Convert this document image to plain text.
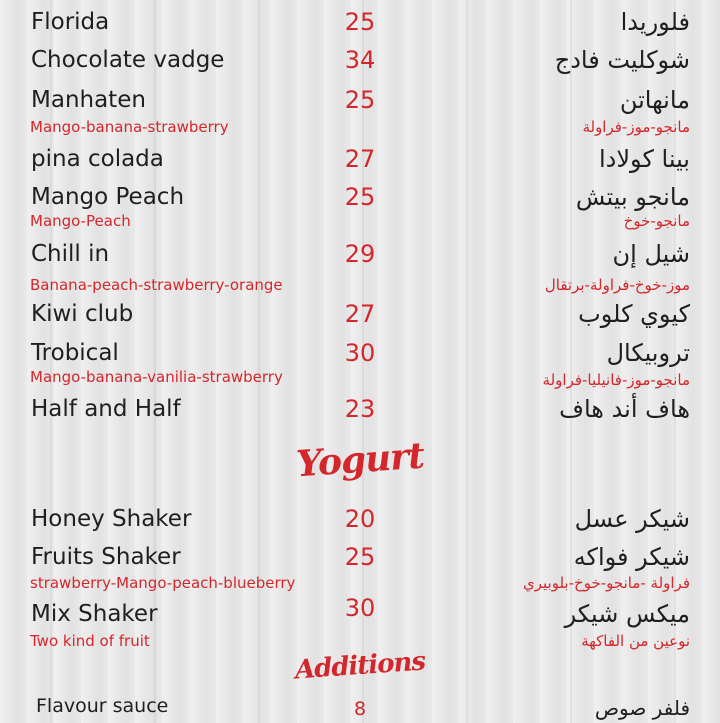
Florida	25	فلوريدا
Chocolate vadge	34	شوكليت فادج
Manhaten	25	مانهاتن
Mango-banana-strawberry	مانجو-موز-فراولة
pina colada	27	بينا كولادا
Mango Peach	25	مانجو بيتش
Mango-Peach	مانجو-خوخ
Chill in	29	شيل إن
Banana-peach-strawberry-orange	موز-خوخ-فراولة-برتقال
Kiwi club	27	كيوي كلوب
Trobical	30	تروبيكال
Mango-banana-vanilia-strawberry	مانجو-موز-فانيليا-فراولة
Half and Half	23	هاف أند هاف
Yogurt
Honey Shaker	20	شيكر عسل
Fruits Shaker	25	شيكر فواكه
strawberry-Mango-peach-blueberry	فراولة -مانجو-خوخ-بلوبيري
Mix Shaker	30	ميكس شيكر
Two kind of fruit	نوعين من الفاكهة
Additions
Flavour sauce	8	فلفر صوص
